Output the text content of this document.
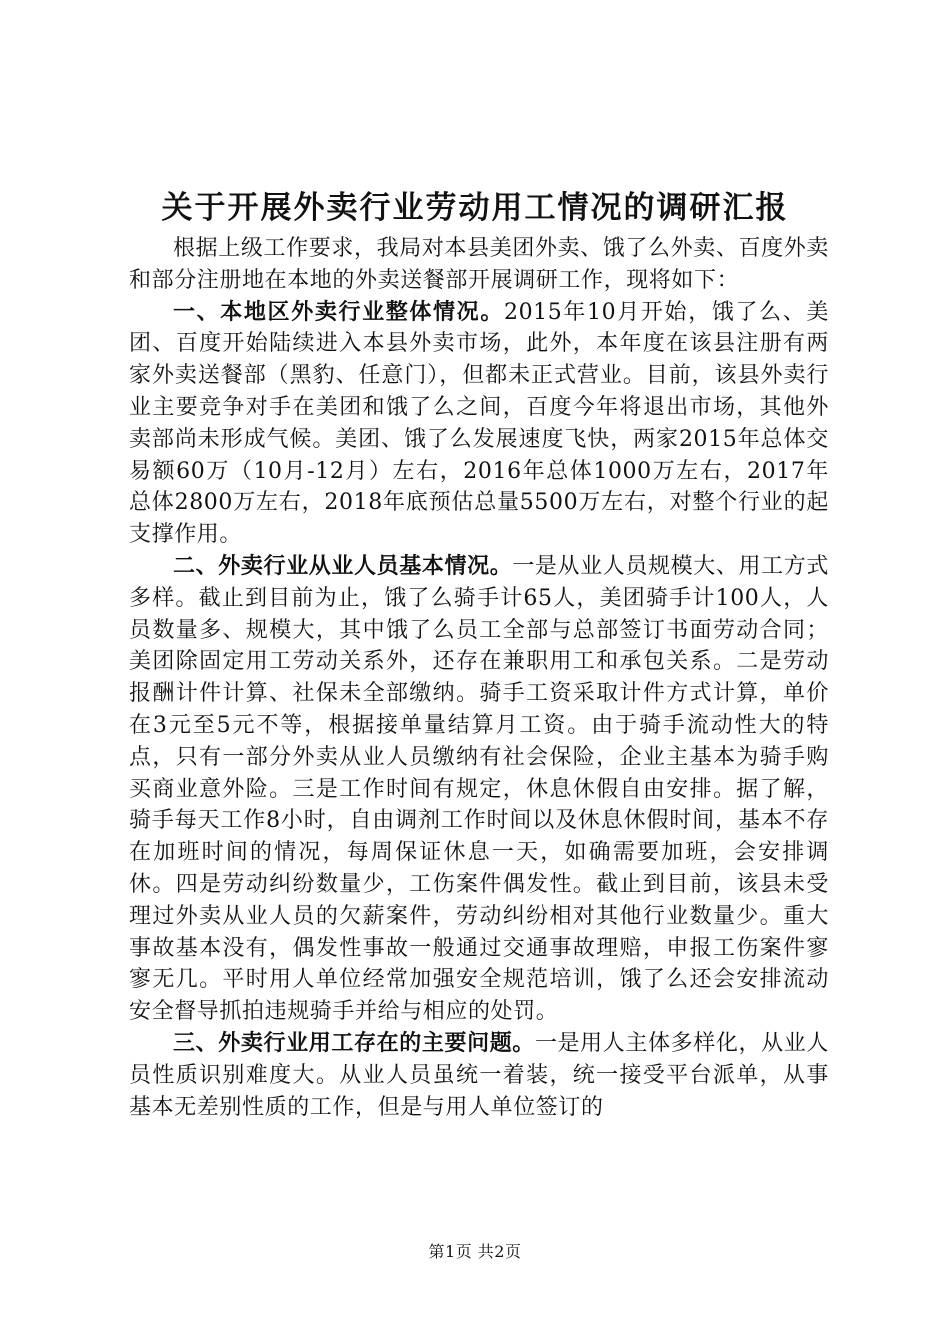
关于开展外卖行业劳动用工情况的调研汇报

根据上级工作要求，我局对本县美团外卖、饿了么外卖、百度外卖和部分注册地在本地的外卖送餐部开展调研工作，现将如下：

一、本地区外卖行业整体情况。2015年10月开始，饿了么、美团、百度开始陆续进入本县外卖市场，此外，本年度在该县注册有两家外卖送餐部（黑豹、任意门），但都未正式营业。目前，该县外卖行业主要竞争对手在美团和饿了么之间，百度今年将退出市场，其他外卖部尚未形成气候。美团、饿了么发展速度飞快，两家2015年总体交易额60万（10月-12月）左右，2016年总体1000万左右，2017年总体2800万左右，2018年底预估总量5500万左右，对整个行业的起支撑作用。

二、外卖行业从业人员基本情况。一是从业人员规模大、用工方式多样。截止到目前为止，饿了么骑手计65人，美团骑手计100人，人员数量多、规模大，其中饿了么员工全部与总部签订书面劳动合同；美团除固定用工劳动关系外，还存在兼职用工和承包关系。二是劳动报酬计件计算、社保未全部缴纳。骑手工资采取计件方式计算，单价在3元至5元不等，根据接单量结算月工资。由于骑手流动性大的特点，只有一部分外卖从业人员缴纳有社会保险，企业主基本为骑手购买商业意外险。三是工作时间有规定，休息休假自由安排。据了解，骑手每天工作8小时，自由调剂工作时间以及休息休假时间，基本不存在加班时间的情况，每周保证休息一天，如确需要加班，会安排调休。四是劳动纠纷数量少，工伤案件偶发性。截止到目前，该县未受理过外卖从业人员的欠薪案件，劳动纠纷相对其他行业数量少。重大事故基本没有，偶发性事故一般通过交通事故理赔，申报工伤案件寥寥无几。平时用人单位经常加强安全规范培训，饿了么还会安排流动安全督导抓拍违规骑手并给与相应的处罚。

三、外卖行业用工存在的主要问题。一是用人主体多样化，从业人员性质识别难度大。从业人员虽统一着装，统一接受平台派单，从事基本无差别性质的工作，但是与用人单位签订的

第1页 共2页
